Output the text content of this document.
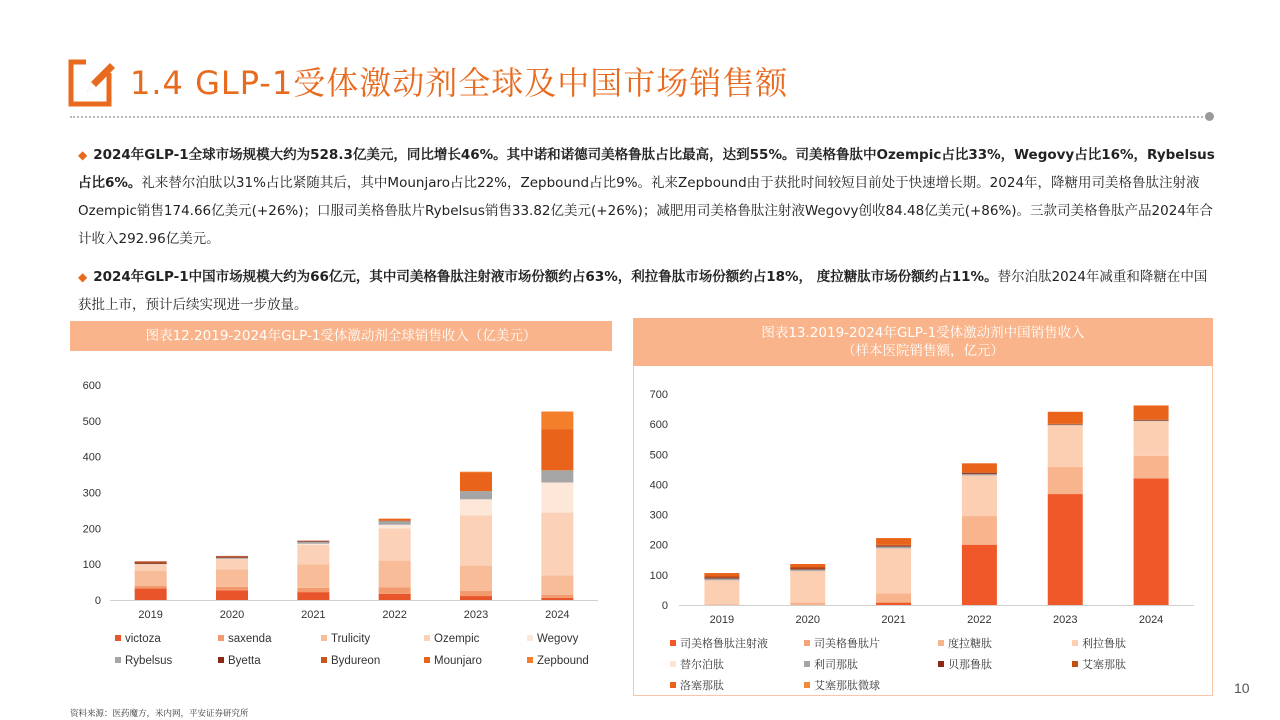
1.4 GLP-1受体激动剂全球及中国市场销售额
◆ 2024年GLP-1全球市场规模大约为528.3亿美元，同比增长46%。其中诺和诺德司美格鲁肽占比最高，达到55%。司美格鲁肽中Ozempic占比33%，Wegovy占比16%，Rybelsus占比6%。礼来替尔泊肽以31%占比紧随其后，其中Mounjaro占比22%，Zepbound占比9%。礼来Zepbound由于获批时间较短目前处于快速增长期。2024年，降糖用司美格鲁肽注射液Ozempic销售174.66亿美元(+26%)；口服司美格鲁肽片Rybelsus销售33.82亿美元(+26%)；减肥用司美格鲁肽注射液Wegovy创收84.48亿美元(+86%)。三款司美格鲁肽产品2024年合计收入292.96亿美元。
◆ 2024年GLP-1中国市场规模大约为66亿元，其中司美格鲁肽注射液市场份额约占63%，利拉鲁肽市场份额约占18%， 度拉糖肽市场份额约占11%。替尔泊肽2024年减重和降糖在中国获批上市，预计后续实现进一步放量。
图表12.2019-2024年GLP-1受体激动剂全球销售收入（亿美元）	图表13.2019-2024年GLP-1受体激动剂中国销售收入
（样本医院销售额，亿元）
0
100
200
300
400
500
600
2019	2020	2021	2022	2023	2024
victoza	saxenda	Trulicity	Ozempic	Wegovy
Rybelsus	Byetta	Bydureon	Mounjaro	Zepbound
0
100
200
300
400
500
600
700
2019	2020	2021	2022	2023	2024
司美格鲁肽注射液	司美格鲁肽片	度拉糖肽	利拉鲁肽
替尔泊肽	利司那肽	贝那鲁肽	艾塞那肽
洛塞那肽	艾塞那肽微球
资料来源：医药魔方，米内网，平安证券研究所
10
